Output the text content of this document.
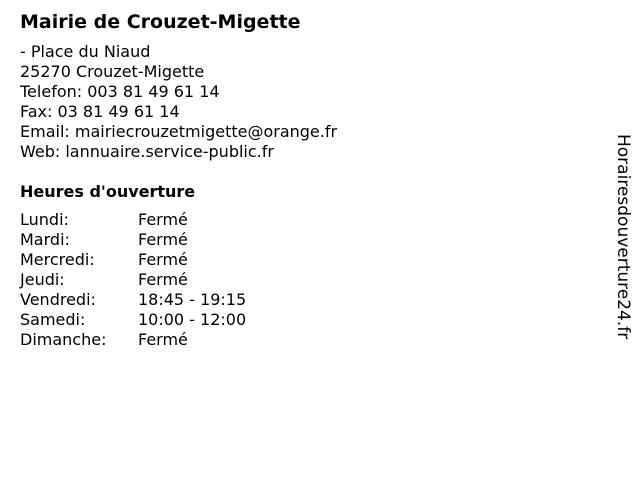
Mairie de Crouzet-Migette
- Place du Niaud
25270 Crouzet-Migette
Telefon: 003 81 49 61 14
Fax: 03 81 49 61 14
Email: mairiecrouzetmigette@orange.fr
Web: lannuaire.service-public.fr
Heures d'ouverture
Lundi:	Fermé
Mardi:	Fermé
Mercredi:	Fermé
Jeudi:	Fermé
Vendredi:	18:45 - 19:15
Samedi:	10:00 - 12:00
Dimanche:	Fermé
Horairesdouverture24.fr
